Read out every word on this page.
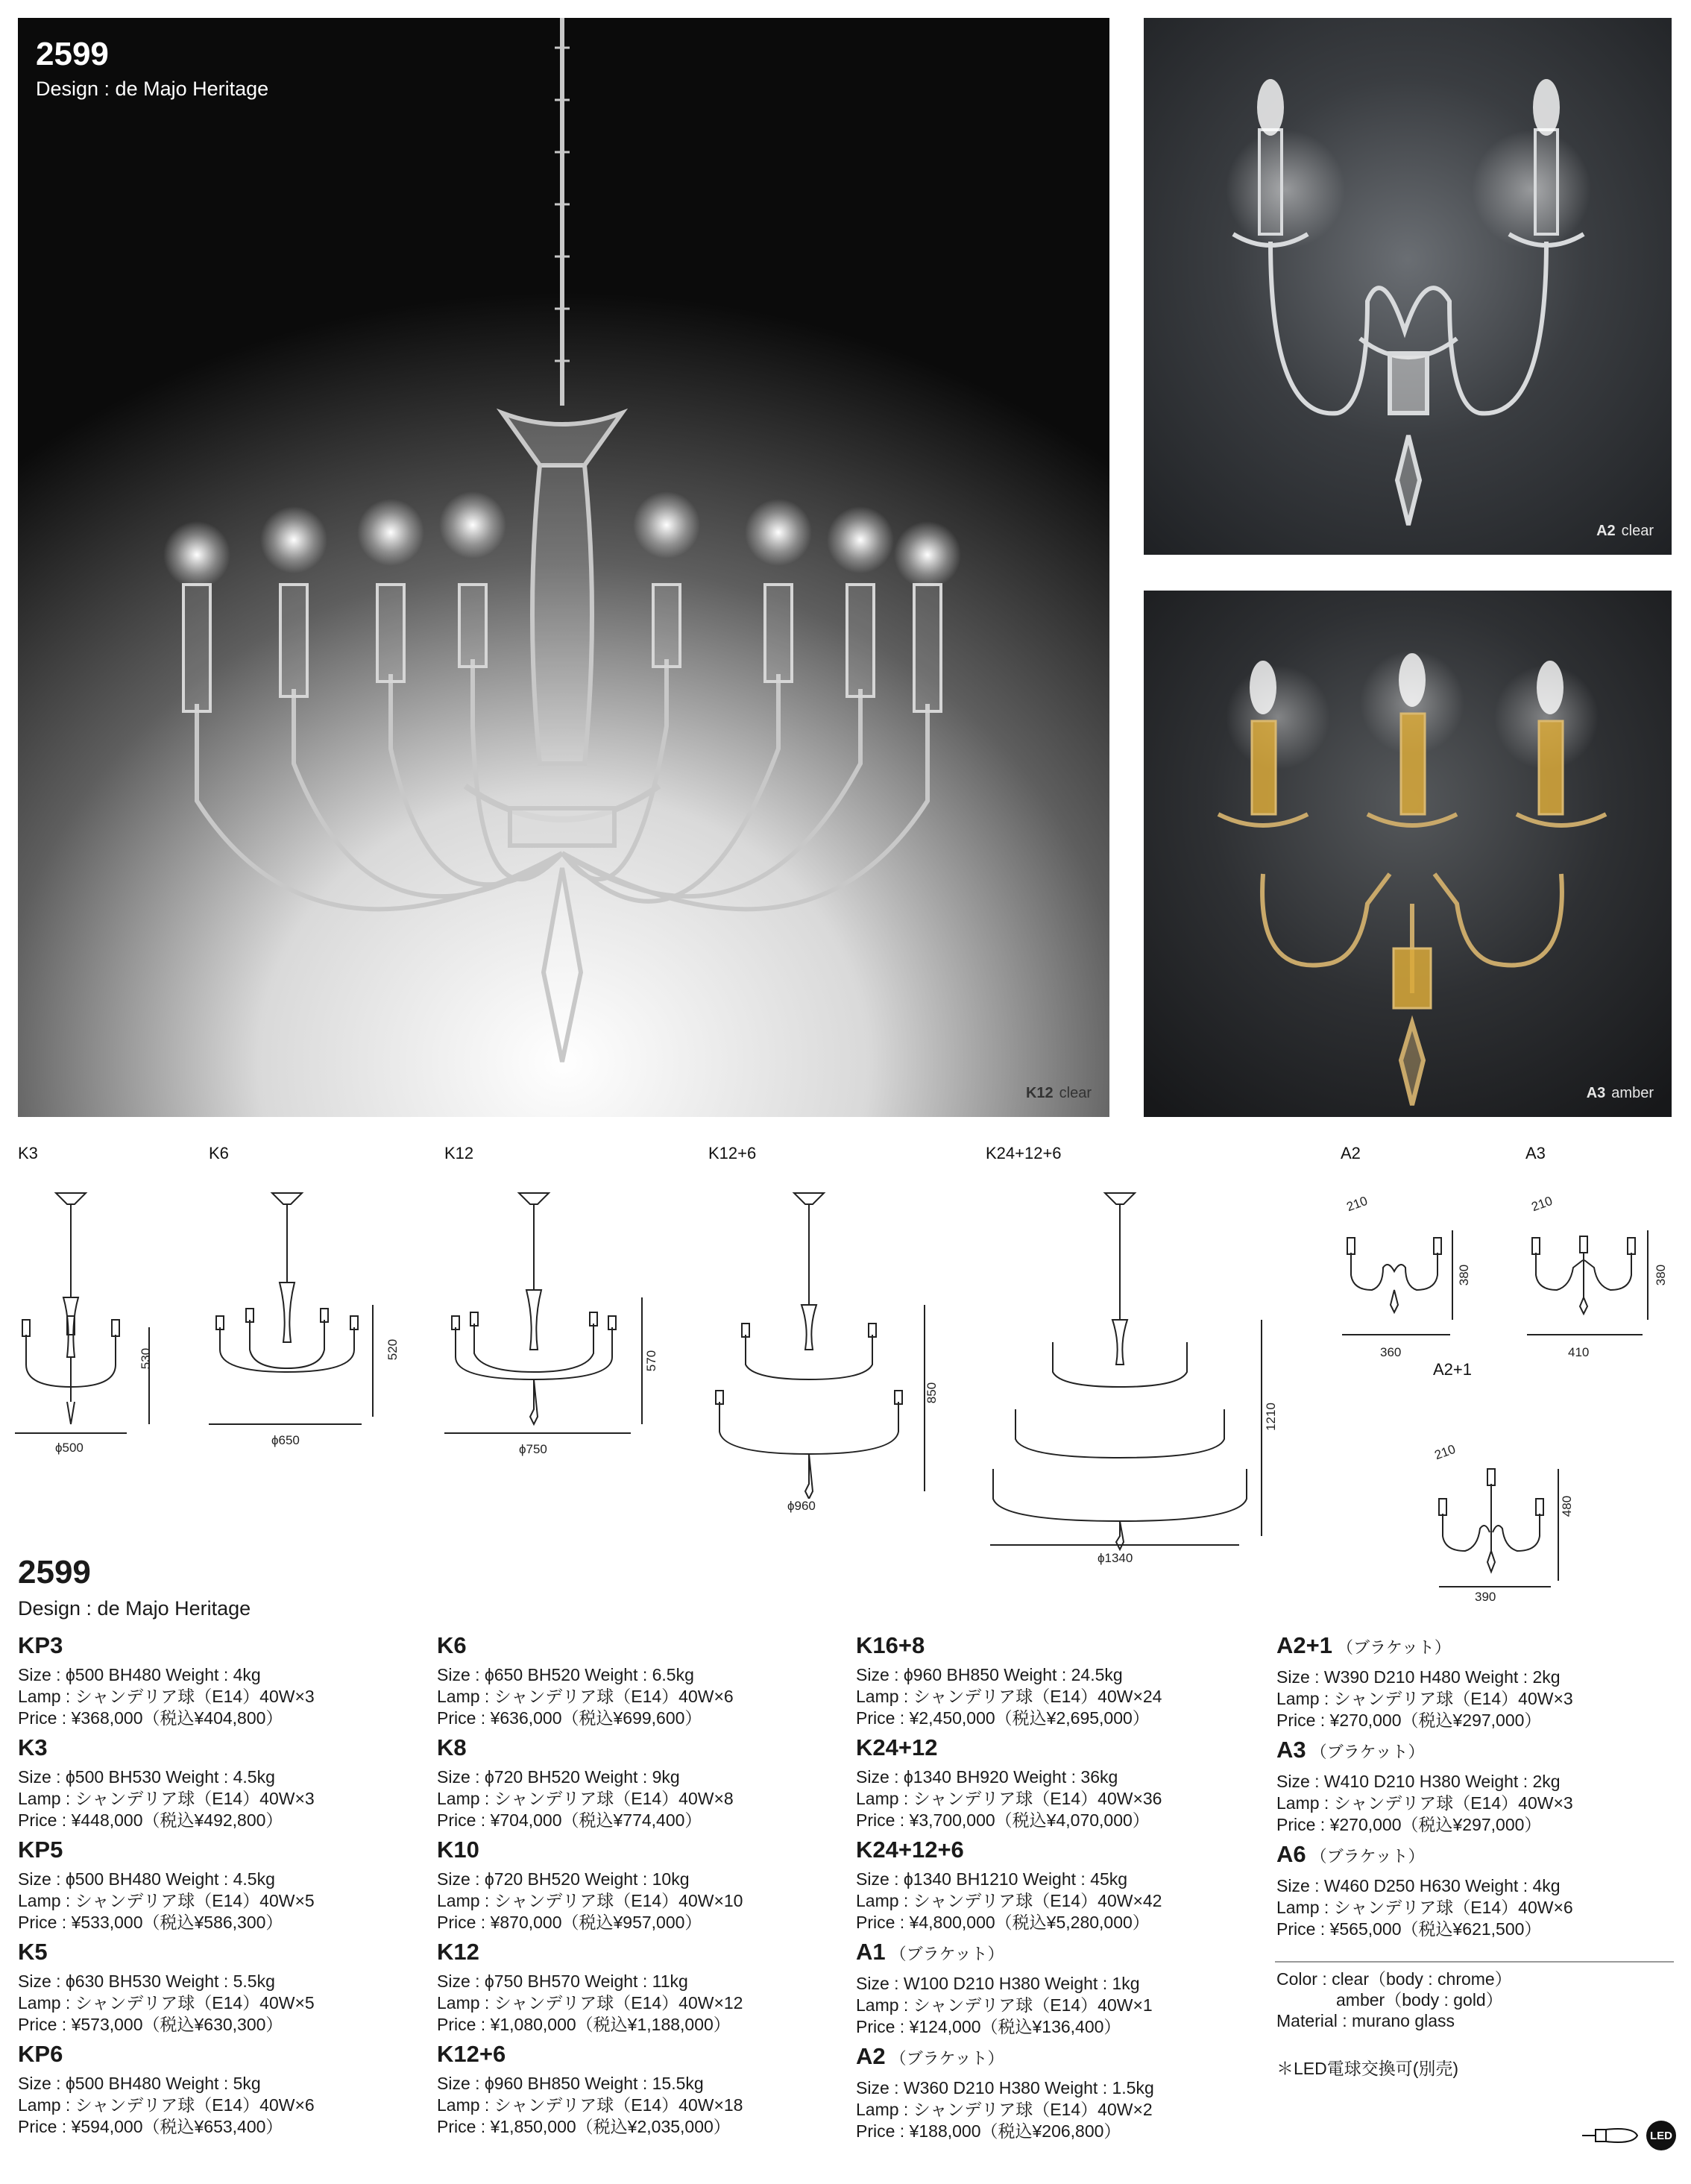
2599
Design : de Majo Heritage
K12 clear
A2 clear
A3 amber
K3
530
ϕ500
K6
520
ϕ650
K12
570
ϕ750
K12+6
850
ϕ960
K24+12+6
1210
ϕ1340
A2
210
380
360
A3
210
380
410
A2+1
210
480
390
2599
Design : de Majo Heritage
KP3
Size : ϕ500 BH480 Weight : 4kg
Lamp : シャンデリア球（E14）40W×3
Price : ¥368,000（税込¥404,800）
K3
Size : ϕ500 BH530 Weight : 4.5kg
Lamp : シャンデリア球（E14）40W×3
Price : ¥448,000（税込¥492,800）
KP5
Size : ϕ500 BH480 Weight : 4.5kg
Lamp : シャンデリア球（E14）40W×5
Price : ¥533,000（税込¥586,300）
K5
Size : ϕ630 BH530 Weight : 5.5kg
Lamp : シャンデリア球（E14）40W×5
Price : ¥573,000（税込¥630,300）
KP6
Size : ϕ500 BH480 Weight : 5kg
Lamp : シャンデリア球（E14）40W×6
Price : ¥594,000（税込¥653,400）
K6
Size : ϕ650 BH520 Weight : 6.5kg
Lamp : シャンデリア球（E14）40W×6
Price : ¥636,000（税込¥699,600）
K8
Size : ϕ720 BH520 Weight : 9kg
Lamp : シャンデリア球（E14）40W×8
Price : ¥704,000（税込¥774,400）
K10
Size : ϕ720 BH520 Weight : 10kg
Lamp : シャンデリア球（E14）40W×10
Price : ¥870,000（税込¥957,000）
K12
Size : ϕ750 BH570 Weight : 11kg
Lamp : シャンデリア球（E14）40W×12
Price : ¥1,080,000（税込¥1,188,000）
K12+6
Size : ϕ960 BH850 Weight : 15.5kg
Lamp : シャンデリア球（E14）40W×18
Price : ¥1,850,000（税込¥2,035,000）
K16+8
Size : ϕ960 BH850 Weight : 24.5kg
Lamp : シャンデリア球（E14）40W×24
Price : ¥2,450,000（税込¥2,695,000）
K24+12
Size : ϕ1340 BH920 Weight : 36kg
Lamp : シャンデリア球（E14）40W×36
Price : ¥3,700,000（税込¥4,070,000）
K24+12+6
Size : ϕ1340 BH1210 Weight : 45kg
Lamp : シャンデリア球（E14）40W×42
Price : ¥4,800,000（税込¥5,280,000）
A1 （ブラケット）
Size : W100 D210 H380 Weight : 1kg
Lamp : シャンデリア球（E14）40W×1
Price : ¥124,000（税込¥136,400）
A2 （ブラケット）
Size : W360 D210 H380 Weight : 1.5kg
Lamp : シャンデリア球（E14）40W×2
Price : ¥188,000（税込¥206,800）
A2+1 （ブラケット）
Size : W390 D210 H480 Weight : 2kg
Lamp : シャンデリア球（E14）40W×3
Price : ¥270,000（税込¥297,000）
A3 （ブラケット）
Size : W410 D210 H380 Weight : 2kg
Lamp : シャンデリア球（E14）40W×3
Price : ¥270,000（税込¥297,000）
A6 （ブラケット）
Size : W460 D250 H630 Weight : 4kg
Lamp : シャンデリア球（E14）40W×6
Price : ¥565,000（税込¥621,500）
Color : clear（body : chrome）
amber（body : gold）
Material : murano glass
＊LED電球交換可(別売)
LED
